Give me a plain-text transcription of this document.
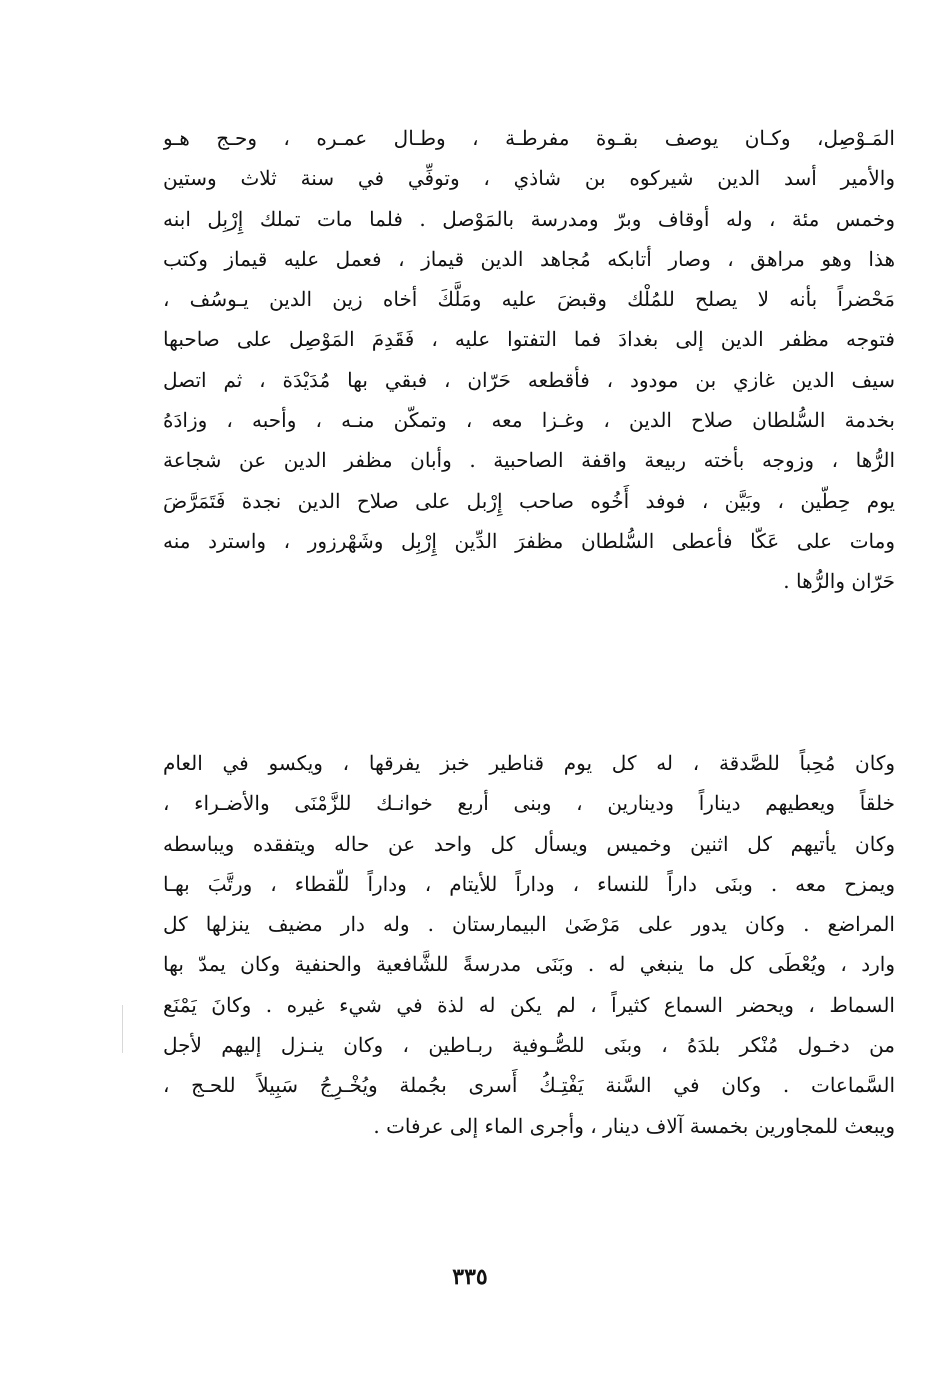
المَـوْصِل، وكـان يوصف بقـوة مفرطـة ، وطـال عمـره ، وحـج هـو
والأمير أسد الدين شيركوه بن شاذي ، وتوفِّي في سنة ثلاث وستين
وخمس مئة ، وله أوقاف وبرّ ومدرسة بالمَوْصل . فلما مات تملك إِرْبِل ابنه
هذا وهو مراهق ، وصار أتابكه مُجاهد الدين قيماز ، فعمل عليه قيماز وكتب
مَحْضراً بأنه لا يصلح للمُلْك وقبضَ عليه ومَلَّكَ أخاه زين الدين يـوسُف ،
فتوجه مظفر الدين إلى بغدادَ فما التفتوا عليه ، فَقَدِمَ المَوْصِل على صاحبها
سيف الدين غازي بن مودود ، فأقطعه حَرّان ، فبقي بها مُدَيْدَة ، ثم اتصل
بخدمة السُّلطان صلاح الدين ، وغـزا معه ، وتمكّن منـه ، وأحبه ، وزادَهُ
الرُّها ، وزوجه بأخته ربيعة واقفة الصاحبية . وأبان مظفر الدين عن شجاعة
يوم حِطّين ، وبَيَّن ، فوفد أَخُوه صاحب إِرْبل على صلاح الدين نجدة فَتَمَرَّضَ
ومات على عَكّا فأعطى السُّلطان مظفرَ الدِّين إِرْبِل وشَهْرزور ، واسترد منه
حَرّان والرُّها .
وكان مُحِباً للصَّدقة ، له كل يوم قناطير خبز يفرقها ، ويكسو في العام
خلقاً ويعطيهم ديناراً ودينارين ، وبنى أربع خوانـك للزَّمْنَى والأضـراء ،
وكان يأتيهم كل اثنين وخميس ويسأل كل واحد عن حاله ويتفقده ويباسطه
ويمزح معه . وبنَى داراً للنساء ، وداراً للأيتام ، وداراً للّقطاء ، ورتَّبَ بهـا
المراضع . وكان يدور على مَرْضَىٰ البيمارستان . وله دار مضيف ينزلها كل
وارد ، ويُعْطَى كل ما ينبغي له . وبَنَى مدرسةً للشَّافعية والحنفية وكان يمدّ بها
السماط ، ويحضر السماع كثيراً ، لم يكن له لذة في شيء غيره . وكانَ يَمْنَع
من دخـول مُنْكر بلدَهُ ، وبنَى للصُّـوفية ربـاطين ، وكان ينـزل إليهم لأجل
السَّماعات . وكان في السَّنة يَفْتِـكُ أَسرى بجُملة ويُخْـرِجُ سَبِيلاً للحـج ،
ويبعث للمجاورين بخمسة آلاف دينار ، وأجرى الماء إلى عرفات .
٣٣٥
